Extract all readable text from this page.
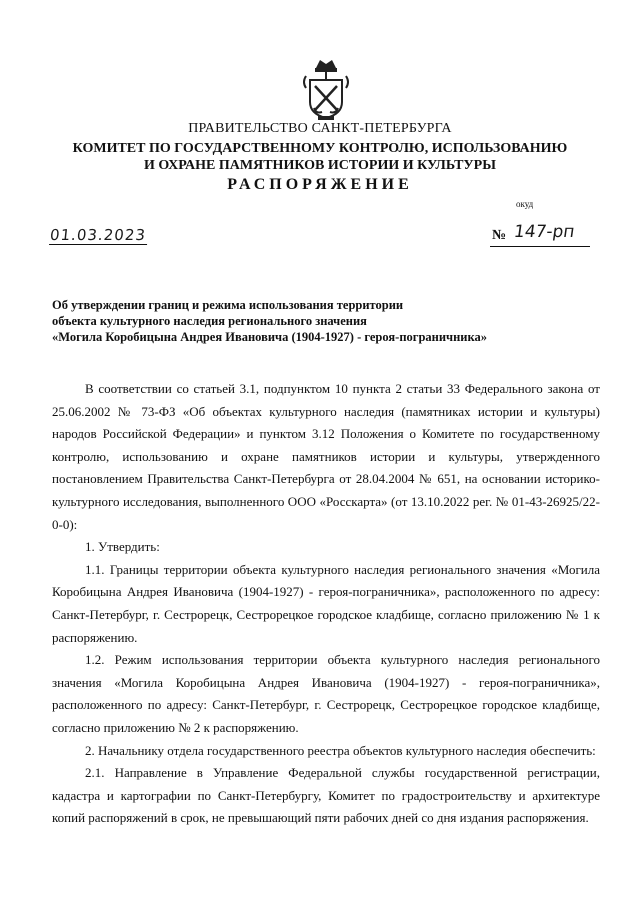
ПРАВИТЕЛЬСТВО САНКТ-ПЕТЕРБУРГА
КОМИТЕТ ПО ГОСУДАРСТВЕННОМУ КОНТРОЛЮ, ИСПОЛЬЗОВАНИЮ
И ОХРАНЕ ПАМЯТНИКОВ ИСТОРИИ И КУЛЬТУРЫ
РАСПОРЯЖЕНИЕ
окуд
01.03.2023	№ 147-рп
Об утверждении границ и режима использования территории
объекта культурного наследия регионального значения
«Могила Коробицына Андрея Ивановича (1904-1927) - героя-пограничника»

В соответствии со статьей 3.1, подпунктом 10 пункта 2 статьи 33 Федерального закона от 25.06.2002 № 73-ФЗ «Об объектах культурного наследия (памятниках истории и культуры) народов Российской Федерации» и пунктом 3.12 Положения о Комитете по государственному контролю, использованию и охране памятников истории и культуры, утвержденного постановлением Правительства Санкт-Петербурга от 28.04.2004 № 651, на основании историко-культурного исследования, выполненного ООО «Росскарта» (от 13.10.2022 рег. № 01-43-26925/22-0-0):

1. Утвердить:

1.1. Границы территории объекта культурного наследия регионального значения «Могила Коробицына Андрея Ивановича (1904-1927) - героя-пограничника», расположенного по адресу: Санкт-Петербург, г. Сестрорецк, Сестрорецкое городское кладбище, согласно приложению № 1 к распоряжению.

1.2. Режим использования территории объекта культурного наследия регионального значения «Могила Коробицына Андрея Ивановича (1904-1927) - героя-пограничника», расположенного по адресу: Санкт-Петербург, г. Сестрорецк, Сестрорецкое городское кладбище, согласно приложению № 2 к распоряжению.

2. Начальнику отдела государственного реестра объектов культурного наследия обеспечить:

2.1. Направление в Управление Федеральной службы государственной регистрации, кадастра и картографии по Санкт-Петербургу, Комитет по градостроительству и архитектуре копий распоряжений в срок, не превышающий пяти рабочих дней со дня издания распоряжения.
